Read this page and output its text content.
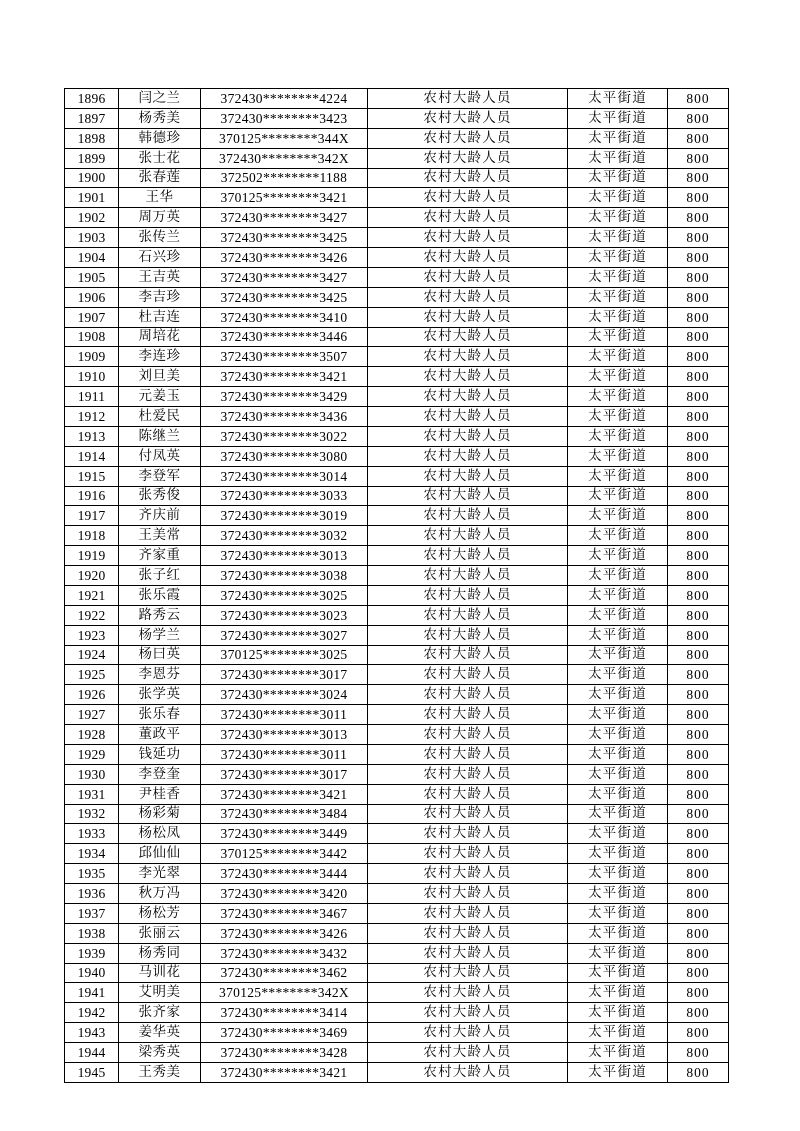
1896	闫之兰	372430********4224	农村大龄人员	太平街道	800
1897	杨秀美	372430********3423	农村大龄人员	太平街道	800
1898	韩德珍	370125********344X	农村大龄人员	太平街道	800
1899	张士花	372430********342X	农村大龄人员	太平街道	800
1900	张春莲	372502********1188	农村大龄人员	太平街道	800
1901	王华	370125********3421	农村大龄人员	太平街道	800
1902	周万英	372430********3427	农村大龄人员	太平街道	800
1903	张传兰	372430********3425	农村大龄人员	太平街道	800
1904	石兴珍	372430********3426	农村大龄人员	太平街道	800
1905	王吉英	372430********3427	农村大龄人员	太平街道	800
1906	李吉珍	372430********3425	农村大龄人员	太平街道	800
1907	杜吉连	372430********3410	农村大龄人员	太平街道	800
1908	周培花	372430********3446	农村大龄人员	太平街道	800
1909	李连珍	372430********3507	农村大龄人员	太平街道	800
1910	刘旦美	372430********3421	农村大龄人员	太平街道	800
1911	元姜玉	372430********3429	农村大龄人员	太平街道	800
1912	杜爱民	372430********3436	农村大龄人员	太平街道	800
1913	陈继兰	372430********3022	农村大龄人员	太平街道	800
1914	付凤英	372430********3080	农村大龄人员	太平街道	800
1915	李登军	372430********3014	农村大龄人员	太平街道	800
1916	张秀俊	372430********3033	农村大龄人员	太平街道	800
1917	齐庆前	372430********3019	农村大龄人员	太平街道	800
1918	王美常	372430********3032	农村大龄人员	太平街道	800
1919	齐家重	372430********3013	农村大龄人员	太平街道	800
1920	张子红	372430********3038	农村大龄人员	太平街道	800
1921	张乐霞	372430********3025	农村大龄人员	太平街道	800
1922	路秀云	372430********3023	农村大龄人员	太平街道	800
1923	杨学兰	372430********3027	农村大龄人员	太平街道	800
1924	杨曰英	370125********3025	农村大龄人员	太平街道	800
1925	李恩芬	372430********3017	农村大龄人员	太平街道	800
1926	张学英	372430********3024	农村大龄人员	太平街道	800
1927	张乐春	372430********3011	农村大龄人员	太平街道	800
1928	董政平	372430********3013	农村大龄人员	太平街道	800
1929	钱延功	372430********3011	农村大龄人员	太平街道	800
1930	李登奎	372430********3017	农村大龄人员	太平街道	800
1931	尹桂香	372430********3421	农村大龄人员	太平街道	800
1932	杨彩菊	372430********3484	农村大龄人员	太平街道	800
1933	杨松凤	372430********3449	农村大龄人员	太平街道	800
1934	邱仙仙	370125********3442	农村大龄人员	太平街道	800
1935	李光翠	372430********3444	农村大龄人员	太平街道	800
1936	秋万冯	372430********3420	农村大龄人员	太平街道	800
1937	杨松芳	372430********3467	农村大龄人员	太平街道	800
1938	张丽云	372430********3426	农村大龄人员	太平街道	800
1939	杨秀同	372430********3432	农村大龄人员	太平街道	800
1940	马训花	372430********3462	农村大龄人员	太平街道	800
1941	艾明美	370125********342X	农村大龄人员	太平街道	800
1942	张齐家	372430********3414	农村大龄人员	太平街道	800
1943	姜华英	372430********3469	农村大龄人员	太平街道	800
1944	梁秀英	372430********3428	农村大龄人员	太平街道	800
1945	王秀美	372430********3421	农村大龄人员	太平街道	800
